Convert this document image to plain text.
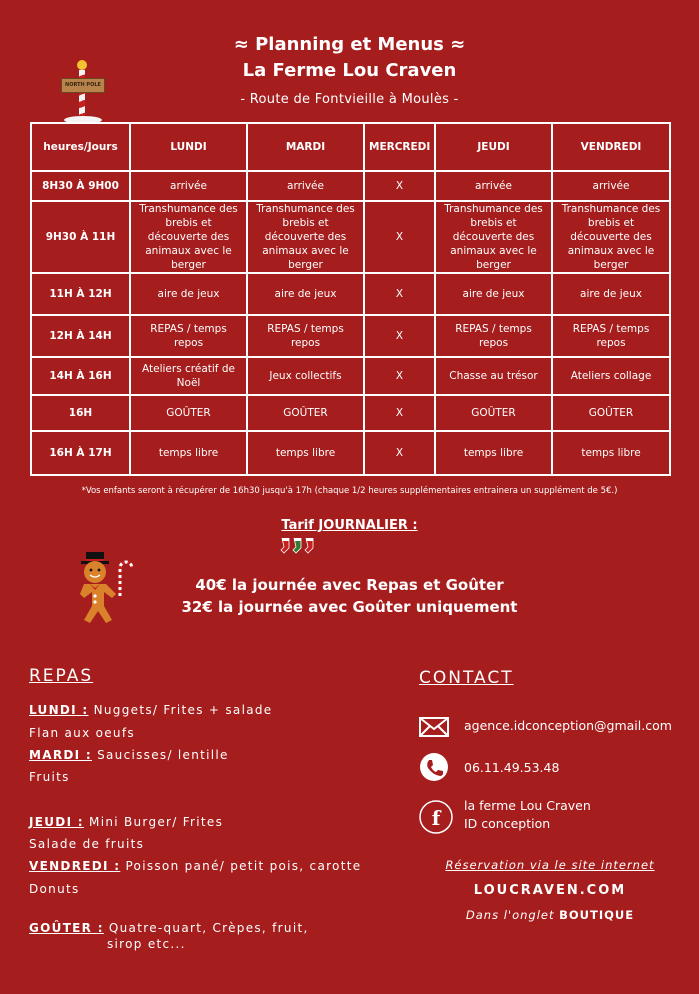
≈ Planning et Menus ≈
La Ferme Lou Craven
- Route de Fontvieille à Moulès -
NORTH POLE
heures/Jours	LUNDI	MARDI	MERCREDI	JEUDI	VENDREDI
8H30 À 9H00	arrivée	arrivée	X	arrivée	arrivée
9H30 À 11H	Transhumance des brebis et découverte des animaux avec le berger	Transhumance des brebis et découverte des animaux avec le berger	X	Transhumance des brebis et découverte des animaux avec le berger	Transhumance des brebis et découverte des animaux avec le berger
11H À 12H	aire de jeux	aire de jeux	X	aire de jeux	aire de jeux
12H À 14H	REPAS / temps repos	REPAS / temps repos	X	REPAS / temps repos	REPAS / temps repos
14H À 16H	Ateliers créatif de Noël	Jeux collectifs	X	Chasse au trésor	Ateliers collage
16H	GOÛTER	GOÛTER	X	GOÛTER	GOÛTER
16H À 17H	temps libre	temps libre	X	temps libre	temps libre
*Vos enfants seront à récupérer de 16h30 jusqu'à 17h (chaque 1/2 heures supplémentaires entrainera un supplément de 5€.)
Tarif JOURNALIER :
40€ la journée avec Repas et Goûter
32€ la journée avec Goûter uniquement
REPAS
LUNDI : Nuggets/ Frites + salade
Flan aux oeufs
MARDI : Saucisses/ lentille
Fruits
JEUDI : Mini Burger/ Frites
Salade de fruits
VENDREDI : Poisson pané/ petit pois, carotte
Donuts
GOÛTER : Quatre-quart, Crèpes, fruit,
sirop etc...
CONTACT
agence.idconception@gmail.com
06.11.49.53.48
f
la ferme Lou Craven
ID conception
Réservation via le site internet
LOUCRAVEN.COM
Dans l'onglet BOUTIQUE
